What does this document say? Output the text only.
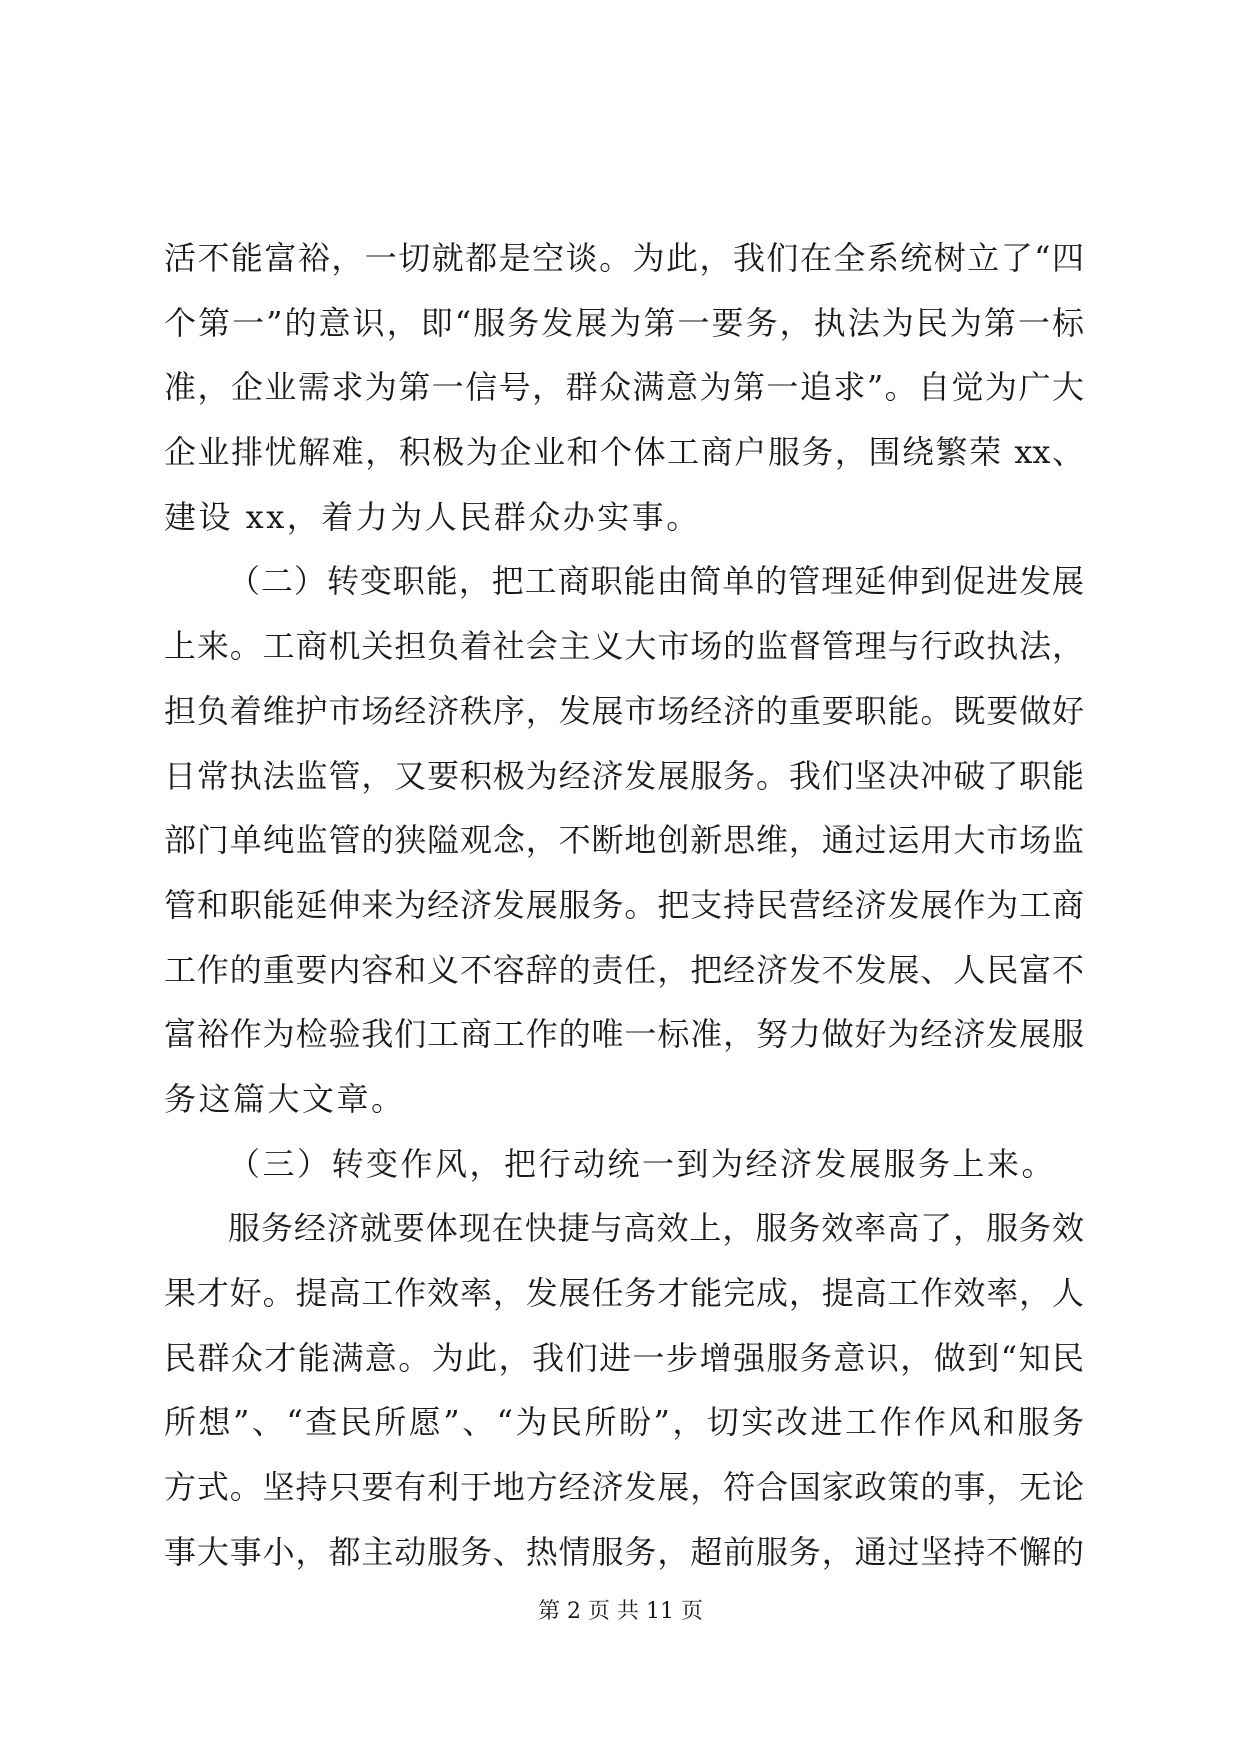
活不能富裕，一切就都是空谈。为此，我们在全系统树立了“四
个第一”的意识，即“服务发展为第一要务，执法为民为第一标
准，企业需求为第一信号，群众满意为第一追求”。自觉为广大
企业排忧解难，积极为企业和个体工商户服务，围绕繁荣 xx、
建设 xx，着力为人民群众办实事。
（二）转变职能，把工商职能由简单的管理延伸到促进发展
上来。工商机关担负着社会主义大市场的监督管理与行政执法，
担负着维护市场经济秩序，发展市场经济的重要职能。既要做好
日常执法监管，又要积极为经济发展服务。我们坚决冲破了职能
部门单纯监管的狭隘观念，不断地创新思维，通过运用大市场监
管和职能延伸来为经济发展服务。把支持民营经济发展作为工商
工作的重要内容和义不容辞的责任，把经济发不发展、人民富不
富裕作为检验我们工商工作的唯一标准，努力做好为经济发展服
务这篇大文章。
（三）转变作风，把行动统一到为经济发展服务上来。
服务经济就要体现在快捷与高效上，服务效率高了，服务效
果才好。提高工作效率，发展任务才能完成，提高工作效率，人
民群众才能满意。为此，我们进一步增强服务意识，做到“知民
所想”、“查民所愿”、“为民所盼”，切实改进工作作风和服务
方式。坚持只要有利于地方经济发展，符合国家政策的事，无论
事大事小，都主动服务、热情服务，超前服务，通过坚持不懈的
第 2 页 共 11 页
